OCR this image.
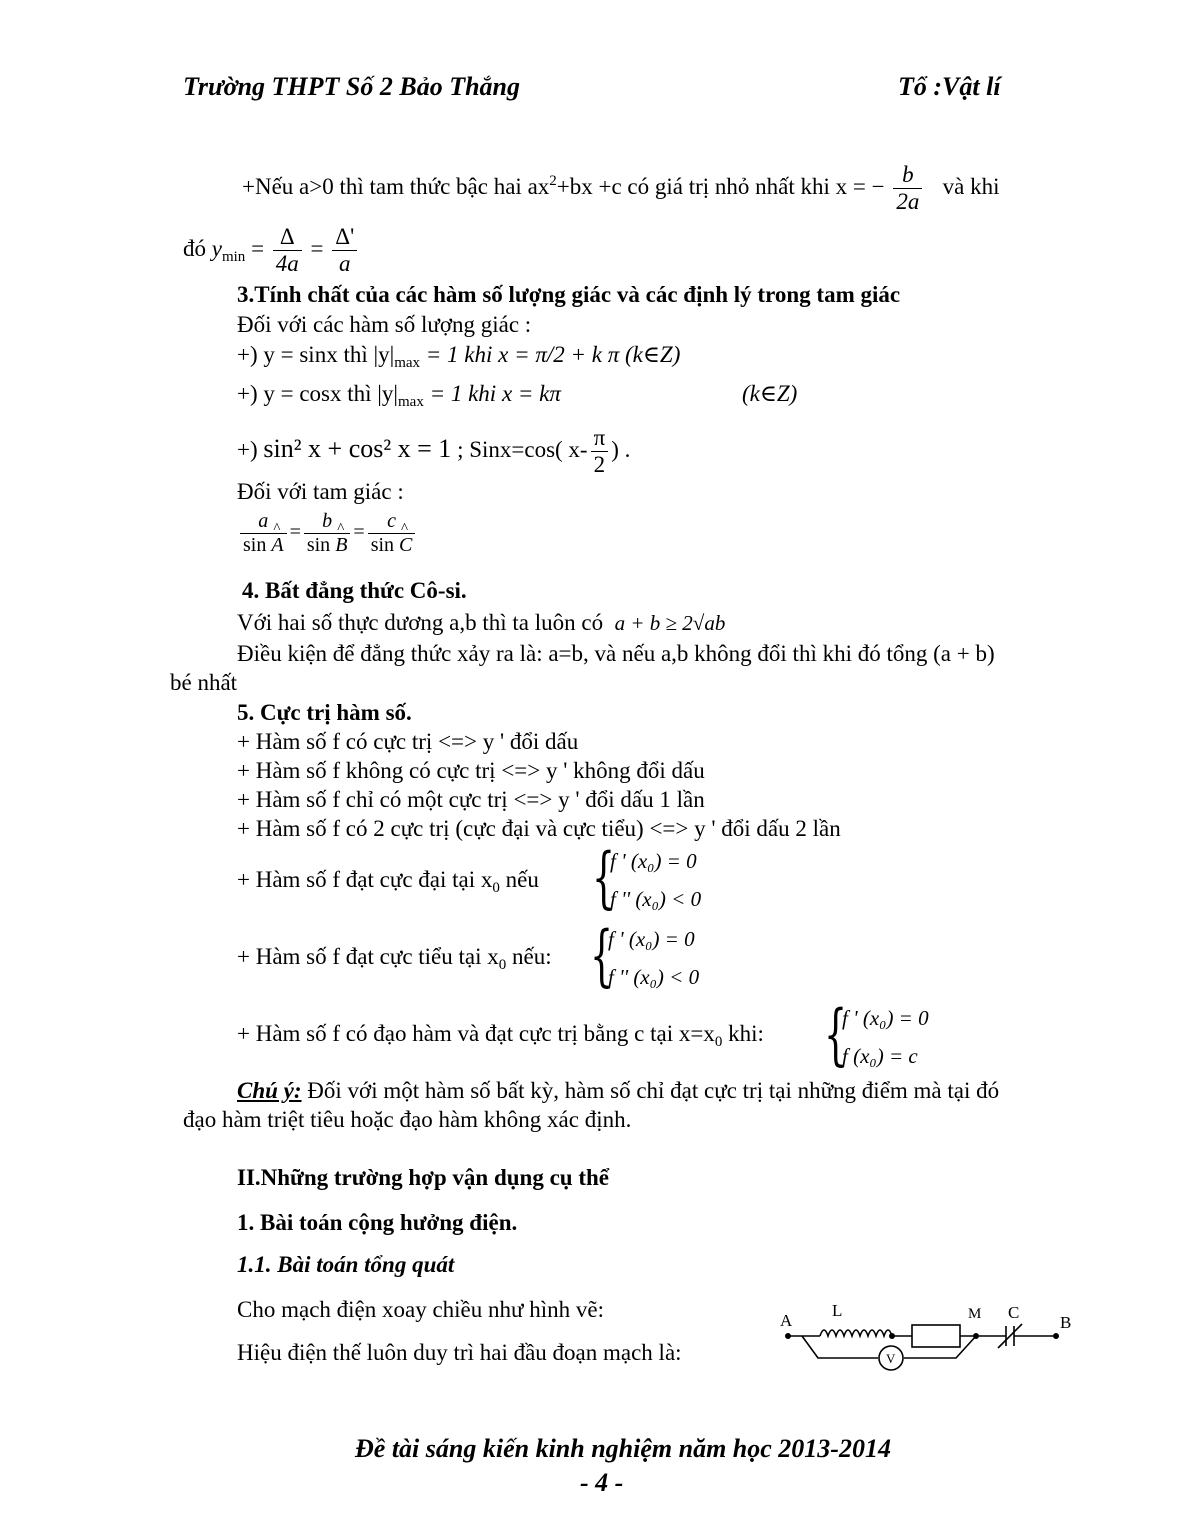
Trường THPT Số 2 Bảo Thắng	Tổ :Vật lí
+Nếu a>0 thì tam thức bậc hai $ax^2+bx +c$ có giá trị nhỏ nhất khi x = − $\frac{b}{2a}$ và khi
đó $y_{min} = \frac{\Delta}{4a} = \frac{\Delta'}{a}$
3.Tính chất của các hàm số lượng giác và các định lý trong tam giác
Đối với các hàm số lượng giác :
+) y = sinx thì $|y|_{max} = 1$ khi x = π/2 + k π (k∈Z)
+) y = cosx thì $|y|_{max} = 1$ khi x = kπ	(k∈Z)
+) sin² x + cos² x = 1 ; Sinx=cos( $x- \frac{\pi}{2}$ ) .
Đối với tam giác :
$\frac{a}{\sin \^{} A} = \frac{b}{\sin \^{} B} = \frac{c}{\sin \^{} C}$
4. Bất đẳng thức Cô-si.
Với hai số thực dương a,b thì ta luôn có a + b ≥ 2√ab
Điều kiện để đẳng thức xảy ra là: a=b, và nếu a,b không đổi thì khi đó tổng (a + b)
bé nhất
5. Cực trị hàm số.
+ Hàm số f có cực trị <=> y ' đổi dấu
+ Hàm số f không có cực trị <=> y ' không đổi dấu
+ Hàm số f chỉ có một cực trị <=> y ' đổi dấu 1 lần
+ Hàm số f có 2 cực trị (cực đại và cực tiểu) <=> y ' đổi dấu 2 lần
+ Hàm số f đạt cực đại tại $x_0$ nếu {
f ' (x₀) = 0
f '' (x₀) < 0
+ Hàm số f đạt cực tiểu tại $x_0$ nếu: {
f ' (x₀) = 0
f '' (x₀) < 0
+ Hàm số f có đạo hàm và đạt cực trị bằng c tại $x=x_0$ khi: {
f ' (x₀) = 0
f (x₀) = c
Chú ý: Đối với một hàm số bất kỳ, hàm số chỉ đạt cực trị tại những điểm mà tại đó
đạo hàm triệt tiêu hoặc đạo hàm không xác định.
II.Những trường hợp vận dụng cụ thể
1. Bài toán cộng hưởng điện.
1.1. Bài toán tổng quát
Cho mạch điện xoay chiều như hình vẽ:
Hiệu điện thế luôn duy trì hai đầu đoạn mạch là:
A
L	M C
B
V
Đề tài sáng kiến kinh nghiệm năm học 2013-2014
- 4 -
